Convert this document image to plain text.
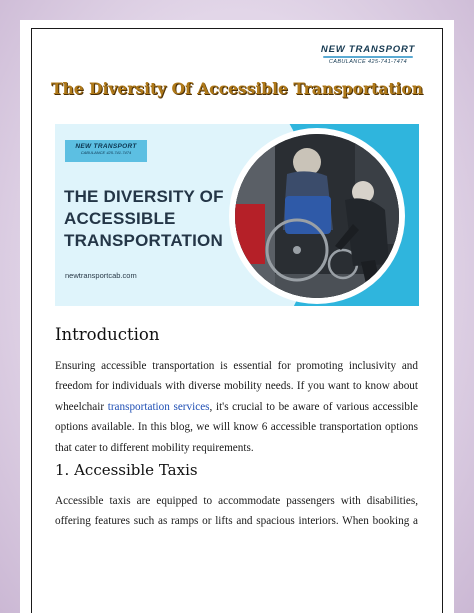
NEW TRANSPORT
CABULANCE 425-741-7474
The Diversity Of Accessible Transportation
NEW TRANSPORT
CABULANCE 425-741-7474
THE DIVERSITY OF
ACCESSIBLE
TRANSPORTATION
newtransportcab.com
Introduction

Ensuring accessible transportation is essential for promoting inclusivity and
freedom for individuals with diverse mobility needs. If you want to know about
wheelchair transportation services, it's crucial to be aware of various accessible
options available. In this blog, we will know 6 accessible transportation options
that cater to different mobility requirements.

1. Accessible Taxis

Accessible taxis are equipped to accommodate passengers with disabilities,
offering features such as ramps or lifts and spacious interiors. When booking a
